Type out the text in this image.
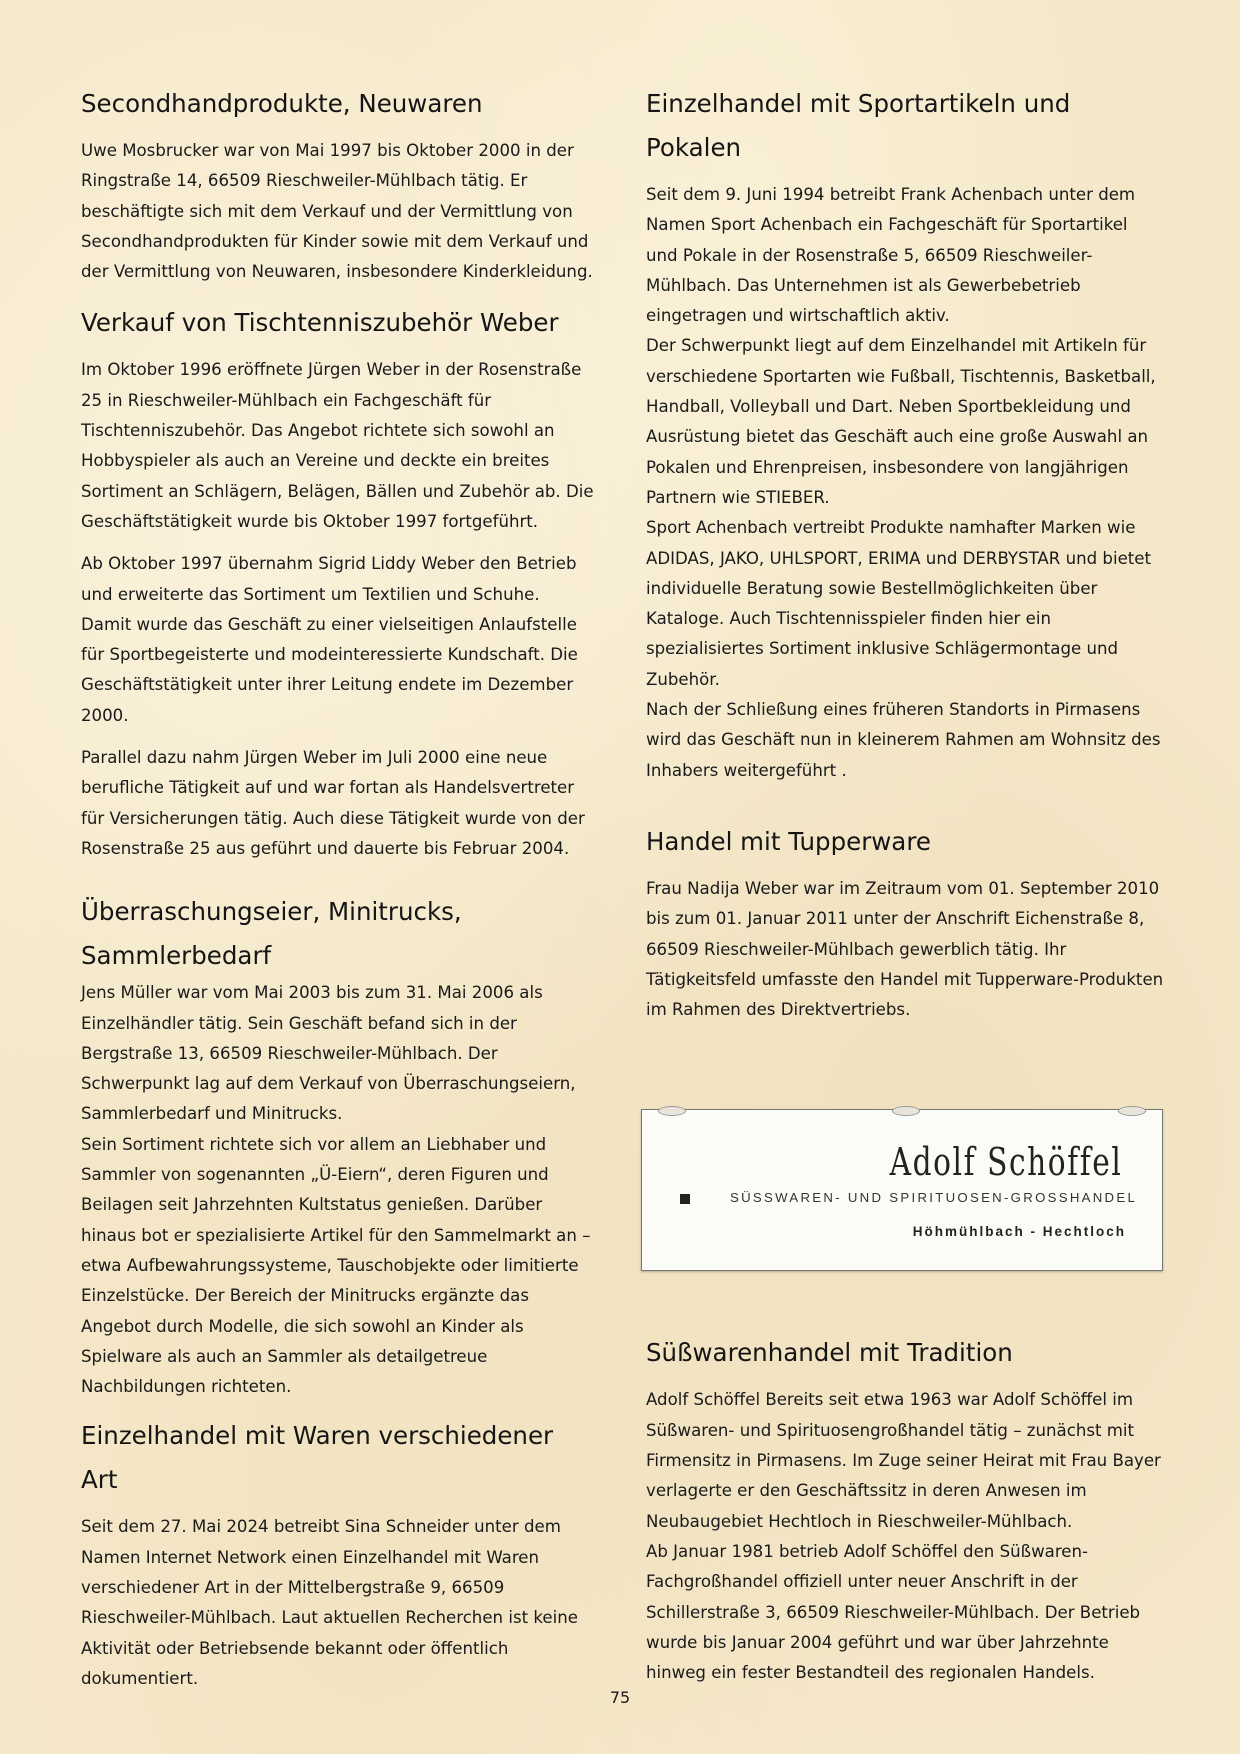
Secondhandprodukte, Neuwaren

Uwe Mosbrucker war von Mai 1997 bis Oktober 2000 in der Ringstraße 14, 66509 Rieschweiler-Mühlbach tätig. Er beschäftigte sich mit dem Verkauf und der Vermittlung von Secondhandprodukten für Kinder sowie mit dem Verkauf und der Vermittlung von Neuwaren, insbesondere Kinderkleidung.

Verkauf von Tischtenniszubehör Weber

Im Oktober 1996 eröffnete Jürgen Weber in der Rosenstraße 25 in Rieschweiler-Mühlbach ein Fachgeschäft für Tischtenniszubehör. Das Angebot richtete sich sowohl an Hobbyspieler als auch an Vereine und deckte ein breites Sortiment an Schlägern, Belägen, Bällen und Zubehör ab. Die Geschäftstätigkeit wurde bis Oktober 1997 fortgeführt.

Ab Oktober 1997 übernahm Sigrid Liddy Weber den Betrieb und erweiterte das Sortiment um Textilien und Schuhe. Damit wurde das Geschäft zu einer vielseitigen Anlaufstelle für Sportbegeisterte und modeinteressierte Kundschaft. Die Geschäftstätigkeit unter ihrer Leitung endete im Dezember 2000.

Parallel dazu nahm Jürgen Weber im Juli 2000 eine neue berufliche Tätigkeit auf und war fortan als Handelsvertreter für Versicherungen tätig. Auch diese Tätigkeit wurde von der Rosenstraße 25 aus geführt und dauerte bis Februar 2004.

Überraschungseier, Minitrucks, Sammlerbedarf

Jens Müller war vom Mai 2003 bis zum 31. Mai 2006 als Einzelhändler tätig. Sein Geschäft befand sich in der Bergstraße 13, 66509 Rieschweiler-Mühlbach. Der Schwerpunkt lag auf dem Verkauf von Überraschungseiern, Sammlerbedarf und Minitrucks.

Sein Sortiment richtete sich vor allem an Liebhaber und Sammler von sogenannten „Ü-Eiern“, deren Figuren und Beilagen seit Jahrzehnten Kultstatus genießen. Darüber hinaus bot er spezialisierte Artikel für den Sammelmarkt an – etwa Aufbewahrungssysteme, Tauschobjekte oder limitierte Einzelstücke. Der Bereich der Minitrucks ergänzte das Angebot durch Modelle, die sich sowohl an Kinder als Spielware als auch an Sammler als detailgetreue Nachbildungen richteten.

Einzelhandel mit Waren verschiedener Art

Seit dem 27. Mai 2024 betreibt Sina Schneider unter dem Namen Internet Network einen Einzelhandel mit Waren verschiedener Art in der Mittelbergstraße 9, 66509 Rieschweiler-Mühlbach. Laut aktuellen Recherchen ist keine Aktivität oder Betriebsende bekannt oder öffentlich dokumentiert.

Einzelhandel mit Sportartikeln und Pokalen

Seit dem 9. Juni 1994 betreibt Frank Achenbach unter dem Namen Sport Achenbach ein Fachgeschäft für Sportartikel und Pokale in der Rosenstraße 5, 66509 Rieschweiler-Mühlbach. Das Unternehmen ist als Gewerbebetrieb eingetragen und wirtschaftlich aktiv.

Der Schwerpunkt liegt auf dem Einzelhandel mit Artikeln für verschiedene Sportarten wie Fußball, Tischtennis, Basketball, Handball, Volleyball und Dart. Neben Sportbekleidung und Ausrüstung bietet das Geschäft auch eine große Auswahl an Pokalen und Ehrenpreisen, insbesondere von langjährigen Partnern wie STIEBER.

Sport Achenbach vertreibt Produkte namhafter Marken wie ADIDAS, JAKO, UHLSPORT, ERIMA und DERBYSTAR und bietet individuelle Beratung sowie Bestellmöglichkeiten über Kataloge. Auch Tischtennisspieler finden hier ein spezialisiertes Sortiment inklusive Schlägermontage und Zubehör.

Nach der Schließung eines früheren Standorts in Pirmasens wird das Geschäft nun in kleinerem Rahmen am Wohnsitz des Inhabers weitergeführt .

Handel mit Tupperware

Frau Nadija Weber war im Zeitraum vom 01. September 2010 bis zum 01. Januar 2011 unter der Anschrift Eichenstraße 8, 66509 Rieschweiler-Mühlbach gewerblich tätig. Ihr Tätigkeitsfeld umfasste den Handel mit Tupperware-Produkten im Rahmen des Direktvertriebs.

Adolf Schöffel
SÜSSWAREN- UND SPIRITUOSEN-GROSSHANDEL
Höhmühlbach - Hechtloch
Süßwarenhandel mit Tradition

Adolf Schöffel Bereits seit etwa 1963 war Adolf Schöffel im Süßwaren- und Spirituosengroßhandel tätig – zunächst mit Firmensitz in Pirmasens. Im Zuge seiner Heirat mit Frau Bayer verlagerte er den Geschäftssitz in deren Anwesen im Neubaugebiet Hechtloch in Rieschweiler-Mühlbach.

Ab Januar 1981 betrieb Adolf Schöffel den Süßwaren-Fachgroßhandel offiziell unter neuer Anschrift in der Schillerstraße 3, 66509 Rieschweiler-Mühlbach. Der Betrieb wurde bis Januar 2004 geführt und war über Jahrzehnte hinweg ein fester Bestandteil des regionalen Handels.

75
